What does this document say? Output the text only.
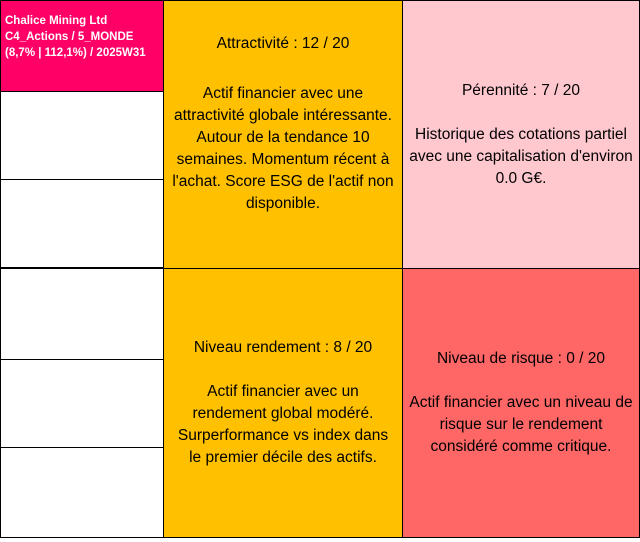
Chalice Mining Ltd
C4_Actions / 5_MONDE
(8,7% | 112,1%) / 2025W31
Attractivité : 12 / 20
Actif financier avec une attractivité globale intéressante. Autour de la tendance 10 semaines. Momentum récent à l'achat. Score ESG de l'actif non disponible.
Pérennité : 7 / 20
Historique des cotations partiel avec une capitalisation d'environ 0.0 G€.
Niveau rendement : 8 / 20
Actif financier avec un rendement global modéré. Surperformance vs index dans le premier décile des actifs.
Niveau de risque : 0 / 20
Actif financier avec un niveau de risque sur le rendement considéré comme critique.
